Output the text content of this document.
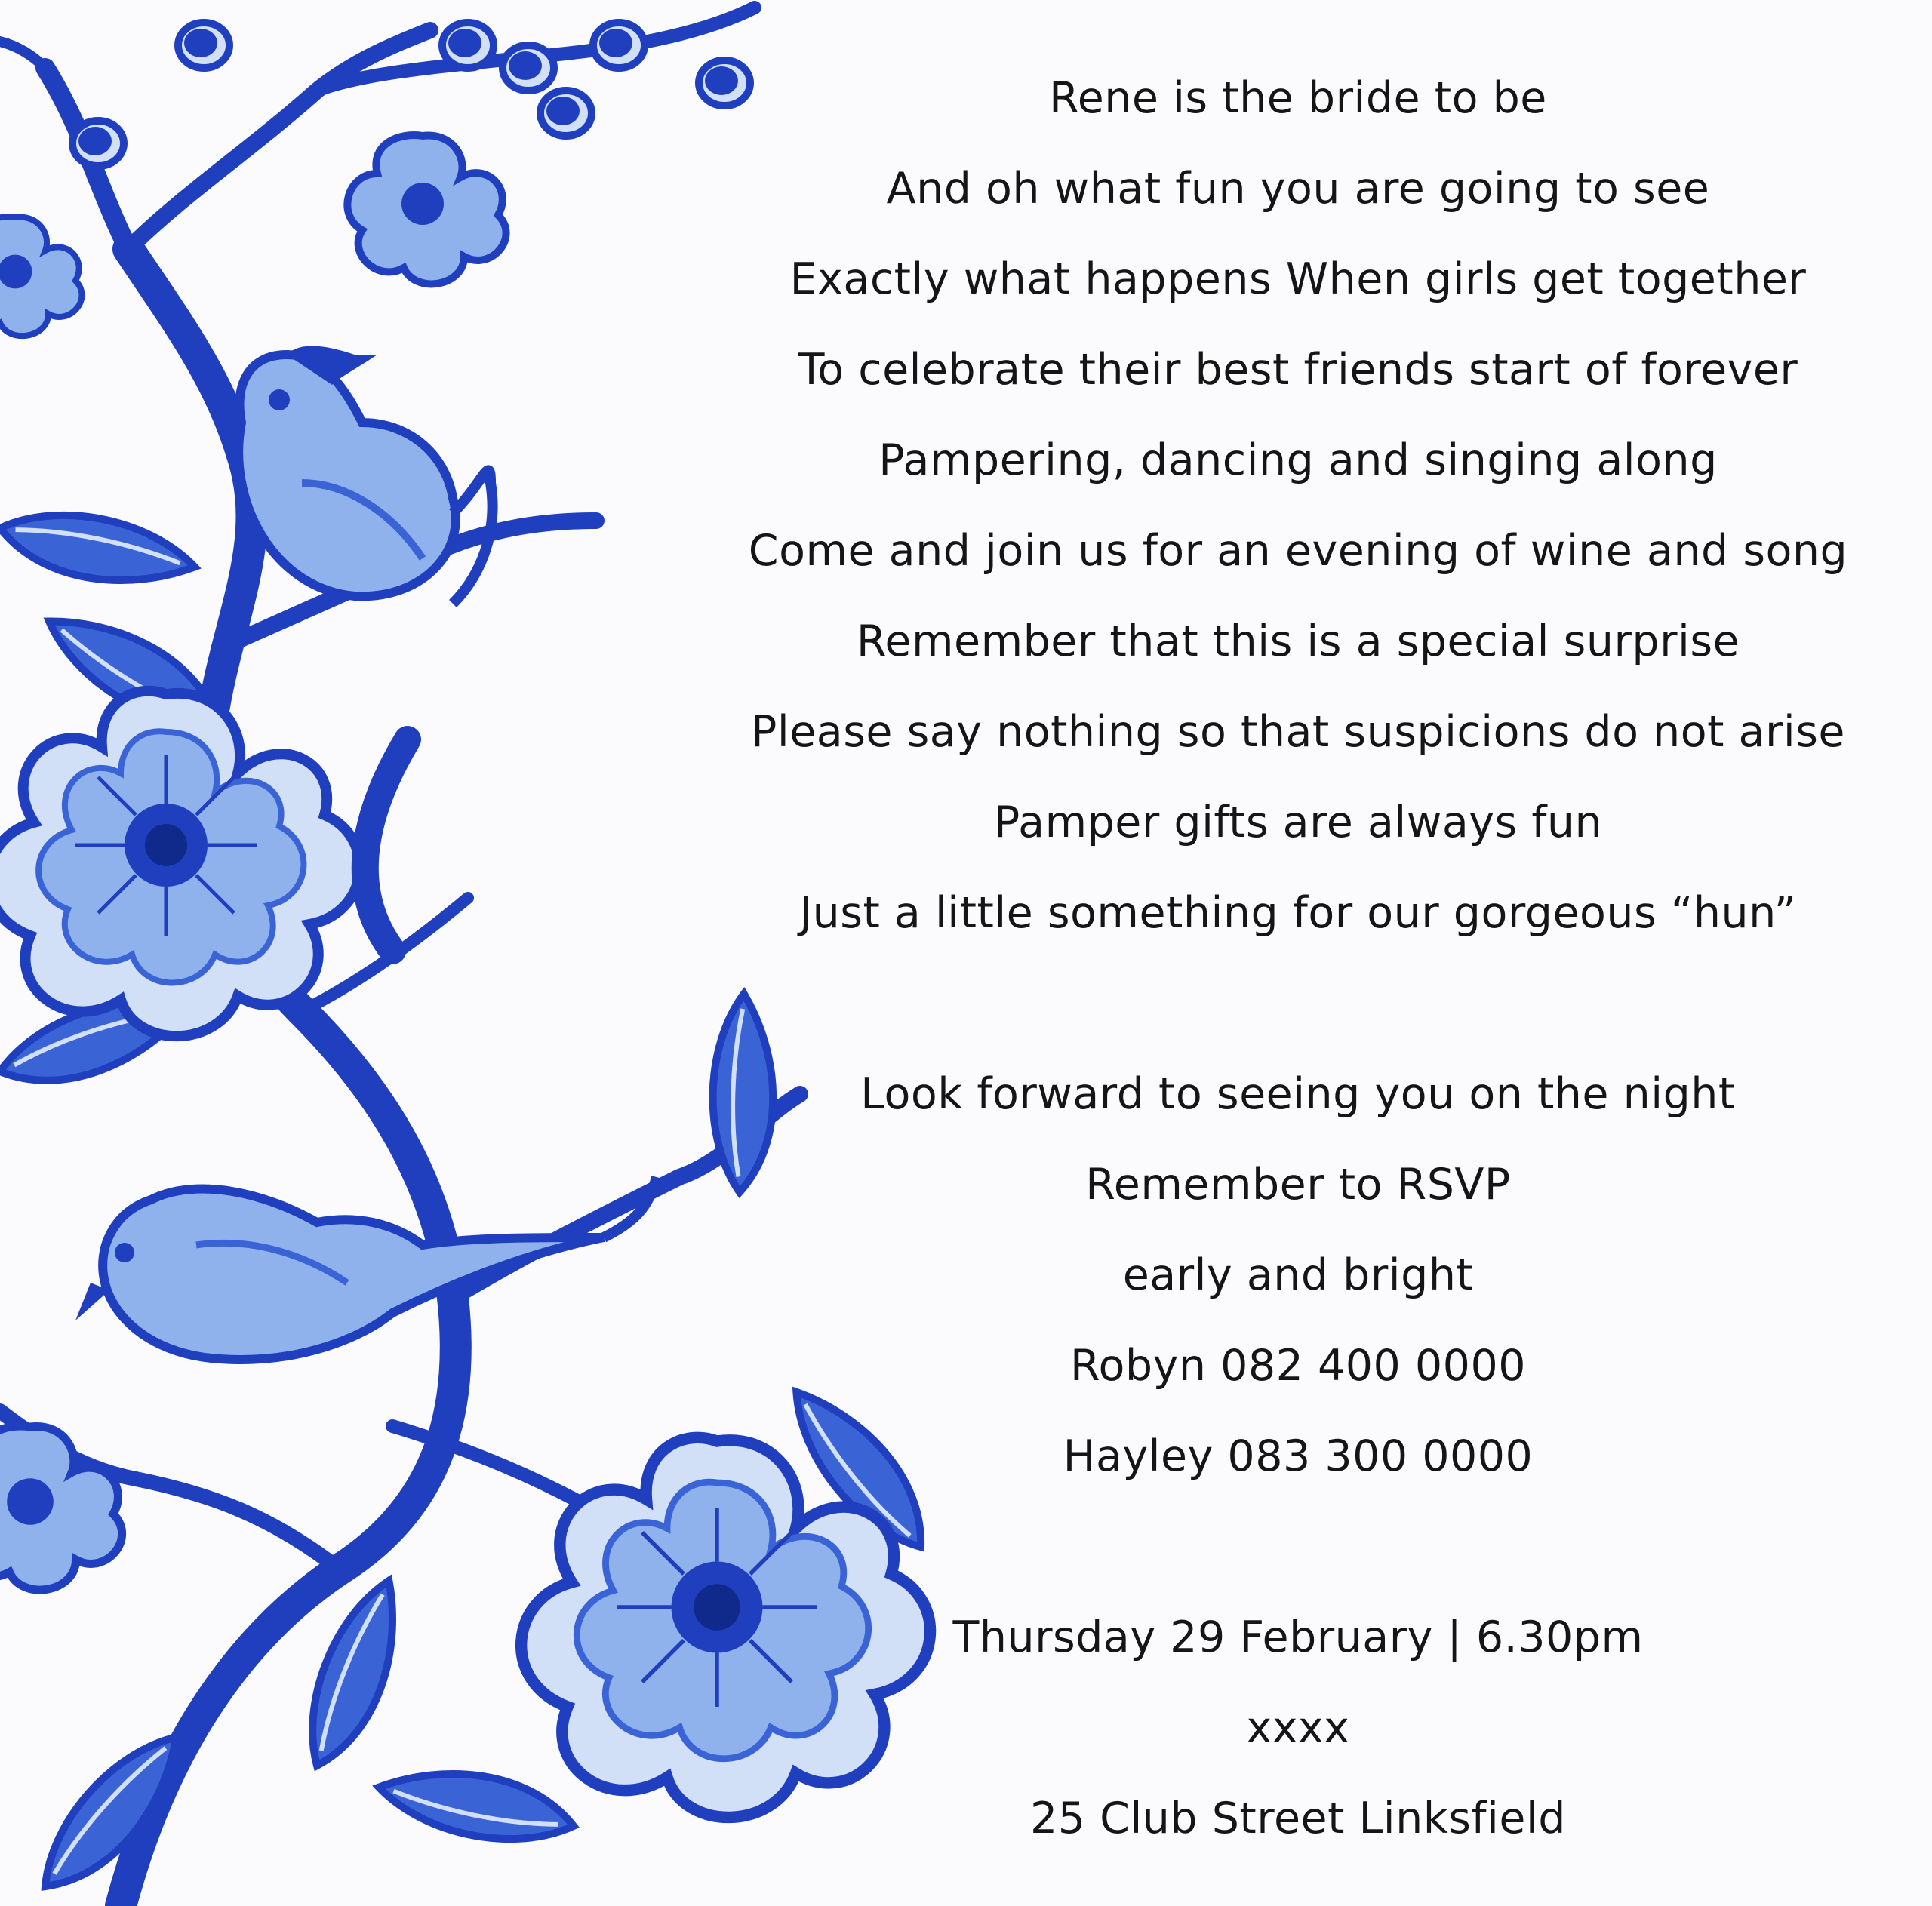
Rene is the bride to be
And oh what fun you are going to see
Exactly what happens When girls get together
To celebrate their best friends start of forever
Pampering, dancing and singing along
Come and join us for an evening of wine and song
Remember that this is a special surprise
Please say nothing so that suspicions do not arise
Pamper gifts are always fun
Just a little something for our gorgeous “hun”
Look forward to seeing you on the night
Remember to RSVP
early and bright
Robyn 082 400 0000
Hayley 083 300 0000
Thursday 29 February | 6.30pm
xxxx
25 Club Street Linksfield
